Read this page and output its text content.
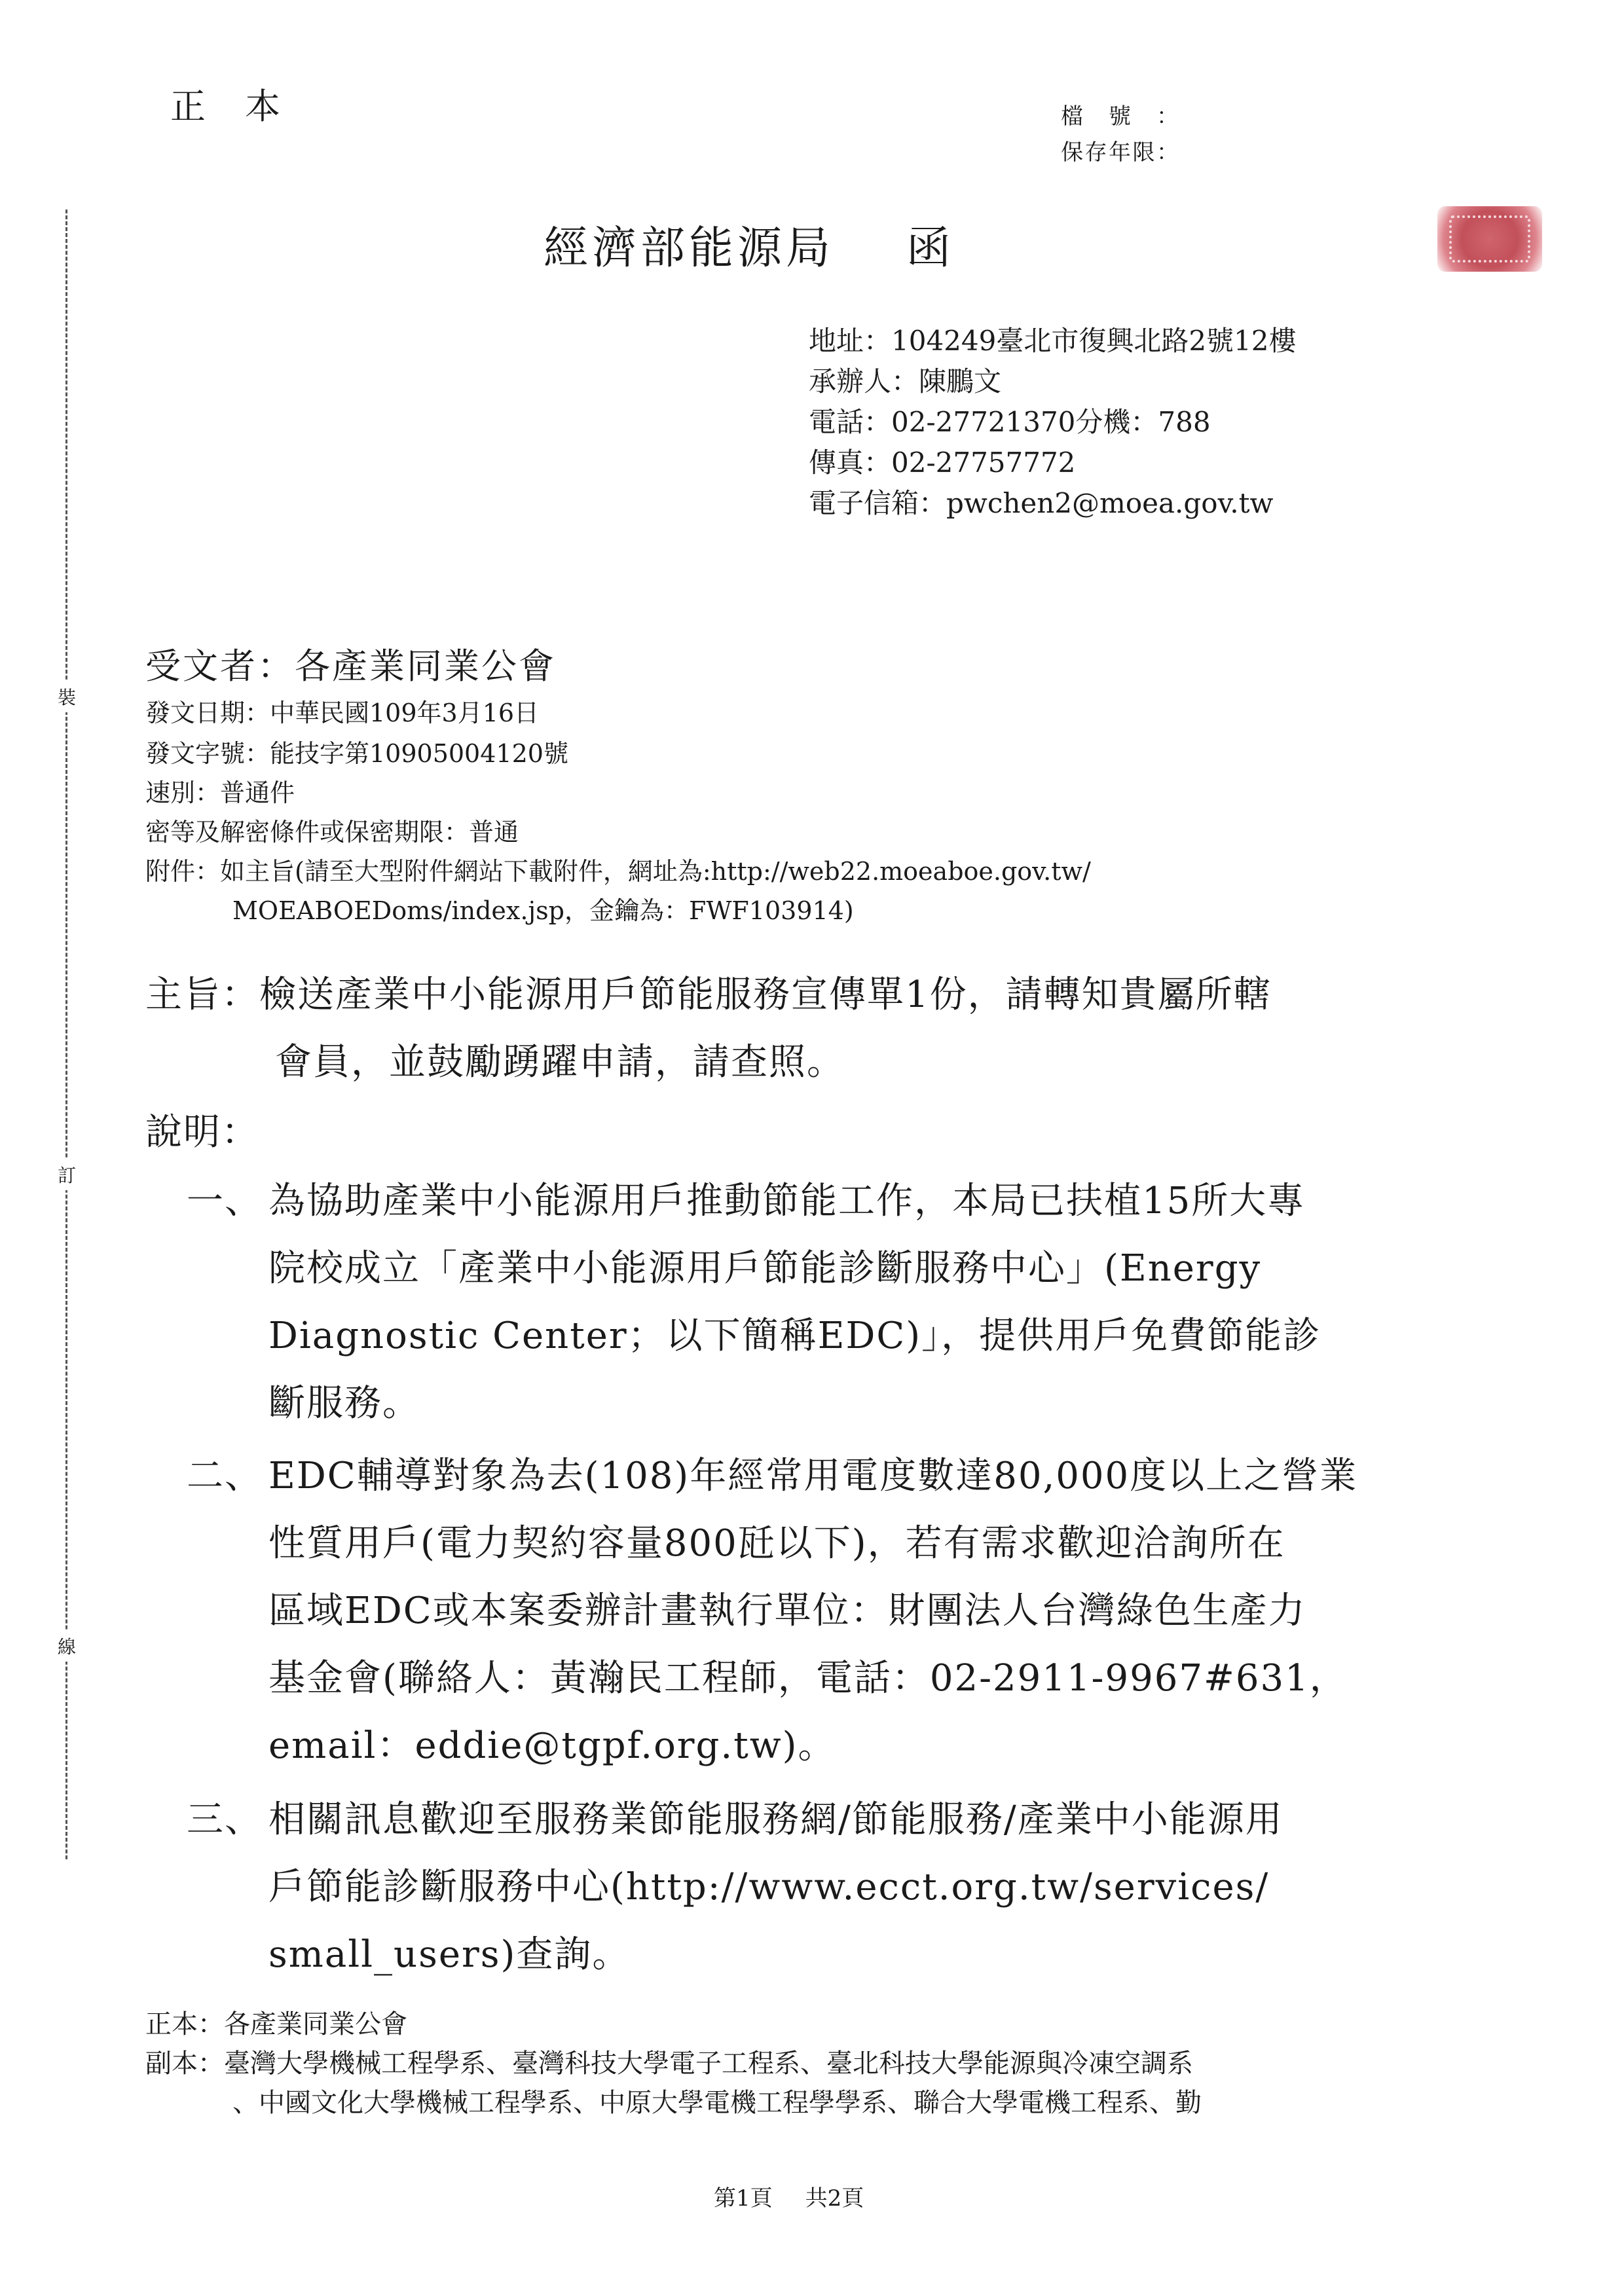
正本	檔號：
保存年限：
裝
訂
線
經濟部能源局 函
地址：104249臺北市復興北路2號12樓
承辦人：陳鵬文
電話：02-27721370分機：788
傳真：02-27757772
電子信箱：pwchen2@moea.gov.tw
受文者：各產業同業公會
發文日期：中華民國109年3月16日
發文字號：能技字第10905004120號
速別：普通件
密等及解密條件或保密期限：普通
附件：如主旨(請至大型附件網站下載附件，網址為:http://web22.moeaboe.gov.tw/
MOEABOEDoms/index.jsp，金鑰為：FWF103914)
主旨：檢送產業中小能源用戶節能服務宣傳單1份，請轉知貴屬所轄
會員，並鼓勵踴躍申請，請查照。
說明：
一、 為協助產業中小能源用戶推動節能工作，本局已扶植15所大專
院校成立「產業中小能源用戶節能診斷服務中心」(Energy
Diagnostic Center；以下簡稱EDC)」，提供用戶免費節能診
斷服務。
二、 EDC輔導對象為去(108)年經常用電度數達80,000度以上之營業
性質用戶(電力契約容量800瓩以下)，若有需求歡迎洽詢所在
區域EDC或本案委辦計畫執行單位：財團法人台灣綠色生產力
基金會(聯絡人：黃瀚民工程師，電話：02-2911-9967#631，
email：eddie@tgpf.org.tw)。
三、 相關訊息歡迎至服務業節能服務網/節能服務/產業中小能源用
戶節能診斷服務中心(http://www.ecct.org.tw/services/
small_users)查詢。
正本：各產業同業公會
副本：臺灣大學機械工程學系、臺灣科技大學電子工程系、臺北科技大學能源與冷凍空調系
、中國文化大學機械工程學系、中原大學電機工程學學系、聯合大學電機工程系、勤
第1頁 共2頁
